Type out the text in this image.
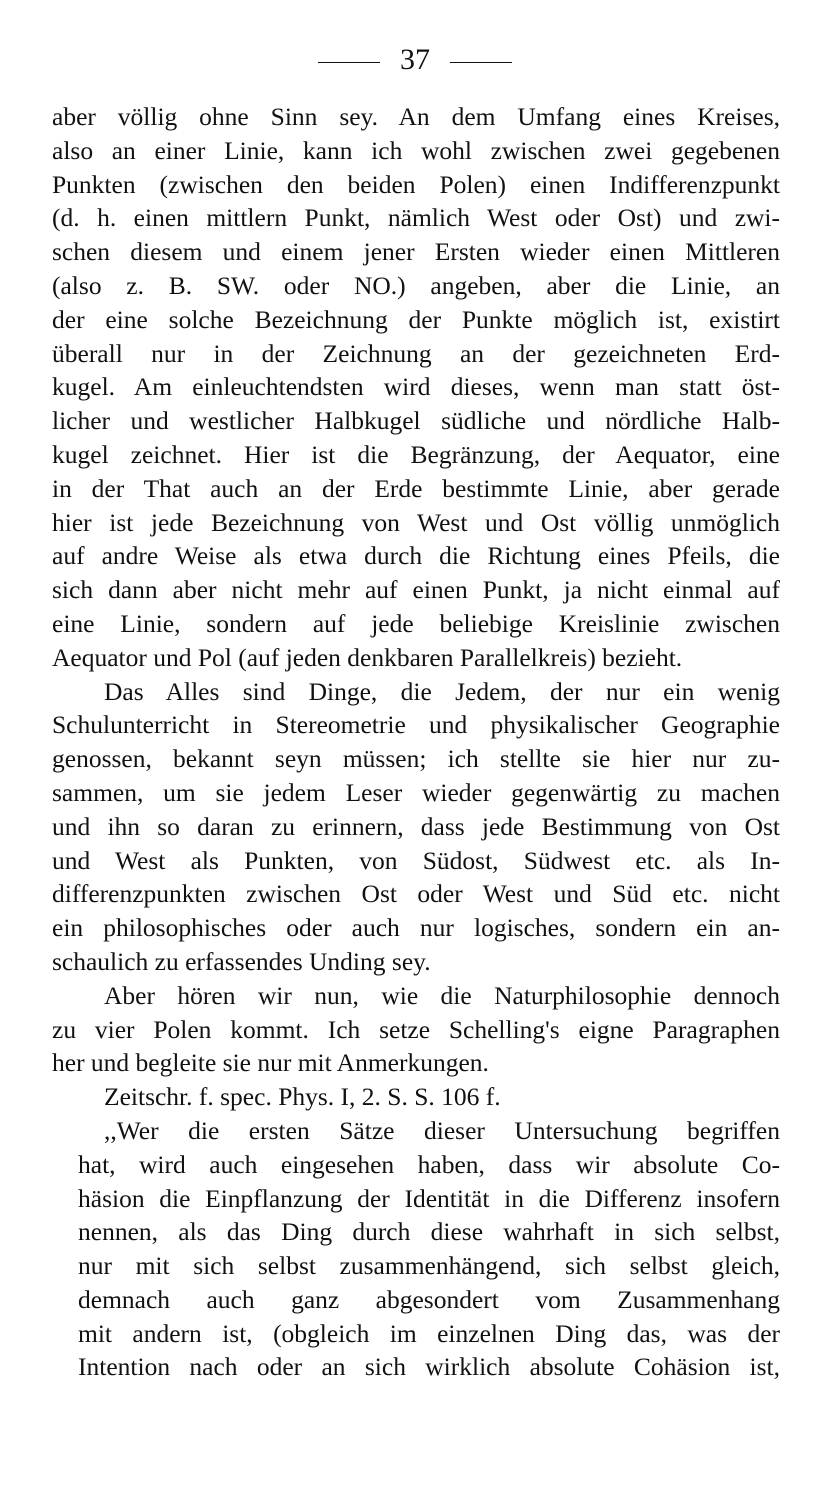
37
aber völlig ohne Sinn sey. An dem Umfang eines Kreises,
also an einer Linie, kann ich wohl zwischen zwei gegebenen
Punkten (zwischen den beiden Polen) einen Indifferenzpunkt
(d. h. einen mittlern Punkt, nämlich West oder Ost) und zwi-
schen diesem und einem jener Ersten wieder einen Mittleren
(also z. B. SW. oder NO.) angeben, aber die Linie, an
der eine solche Bezeichnung der Punkte möglich ist, existirt
überall nur in der Zeichnung an der gezeichneten Erd-
kugel. Am einleuchtendsten wird dieses, wenn man statt öst-
licher und westlicher Halbkugel südliche und nördliche Halb-
kugel zeichnet. Hier ist die Begränzung, der Aequator, eine
in der That auch an der Erde bestimmte Linie, aber gerade
hier ist jede Bezeichnung von West und Ost völlig unmöglich
auf andre Weise als etwa durch die Richtung eines Pfeils, die
sich dann aber nicht mehr auf einen Punkt, ja nicht einmal auf
eine Linie, sondern auf jede beliebige Kreislinie zwischen
Aequator und Pol (auf jeden denkbaren Parallelkreis) bezieht.
Das Alles sind Dinge, die Jedem, der nur ein wenig
Schulunterricht in Stereometrie und physikalischer Geographie
genossen, bekannt seyn müssen; ich stellte sie hier nur zu-
sammen, um sie jedem Leser wieder gegenwärtig zu machen
und ihn so daran zu erinnern, dass jede Bestimmung von Ost
und West als Punkten, von Südost, Südwest etc. als In-
differenzpunkten zwischen Ost oder West und Süd etc. nicht
ein philosophisches oder auch nur logisches, sondern ein an-
schaulich zu erfassendes Unding sey.
Aber hören wir nun, wie die Naturphilosophie dennoch
zu vier Polen kommt. Ich setze Schelling's eigne Paragraphen
her und begleite sie nur mit Anmerkungen.
Zeitschr. f. spec. Phys. I, 2. S. S. 106 f.
,,Wer die ersten Sätze dieser Untersuchung begriffen
hat, wird auch eingesehen haben, dass wir absolute Co-
häsion die Einpflanzung der Identität in die Differenz insofern
nennen, als das Ding durch diese wahrhaft in sich selbst,
nur mit sich selbst zusammenhängend, sich selbst gleich,
demnach auch ganz abgesondert vom Zusammenhang
mit andern ist, (obgleich im einzelnen Ding das, was der
Intention nach oder an sich wirklich absolute Cohäsion ist,
